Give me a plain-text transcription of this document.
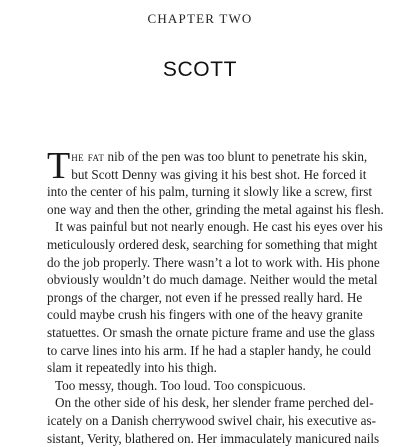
CHAPTER TWO
SCOTT
T he fat nib of the pen was too blunt to penetrate his skin,
but Scott Denny was giving it his best shot. He forced it
into the center of his palm, turning it slowly like a screw, first
one way and then the other, grinding the metal against his flesh.
It was painful but not nearly enough. He cast his eyes over his
meticulously ordered desk, searching for something that might
do the job properly. There wasn’t a lot to work with. His phone
obviously wouldn’t do much damage. Neither would the metal
prongs of the charger, not even if he pressed really hard. He
could maybe crush his fingers with one of the heavy granite
statuettes. Or smash the ornate picture frame and use the glass
to carve lines into his arm. If he had a stapler handy, he could
slam it repeatedly into his thigh.
Too messy, though. Too loud. Too conspicuous.
On the other side of his desk, her slender frame perched del-
icately on a Danish cherrywood swivel chair, his executive as-
sistant, Verity, blathered on. Her immaculately manicured nails
